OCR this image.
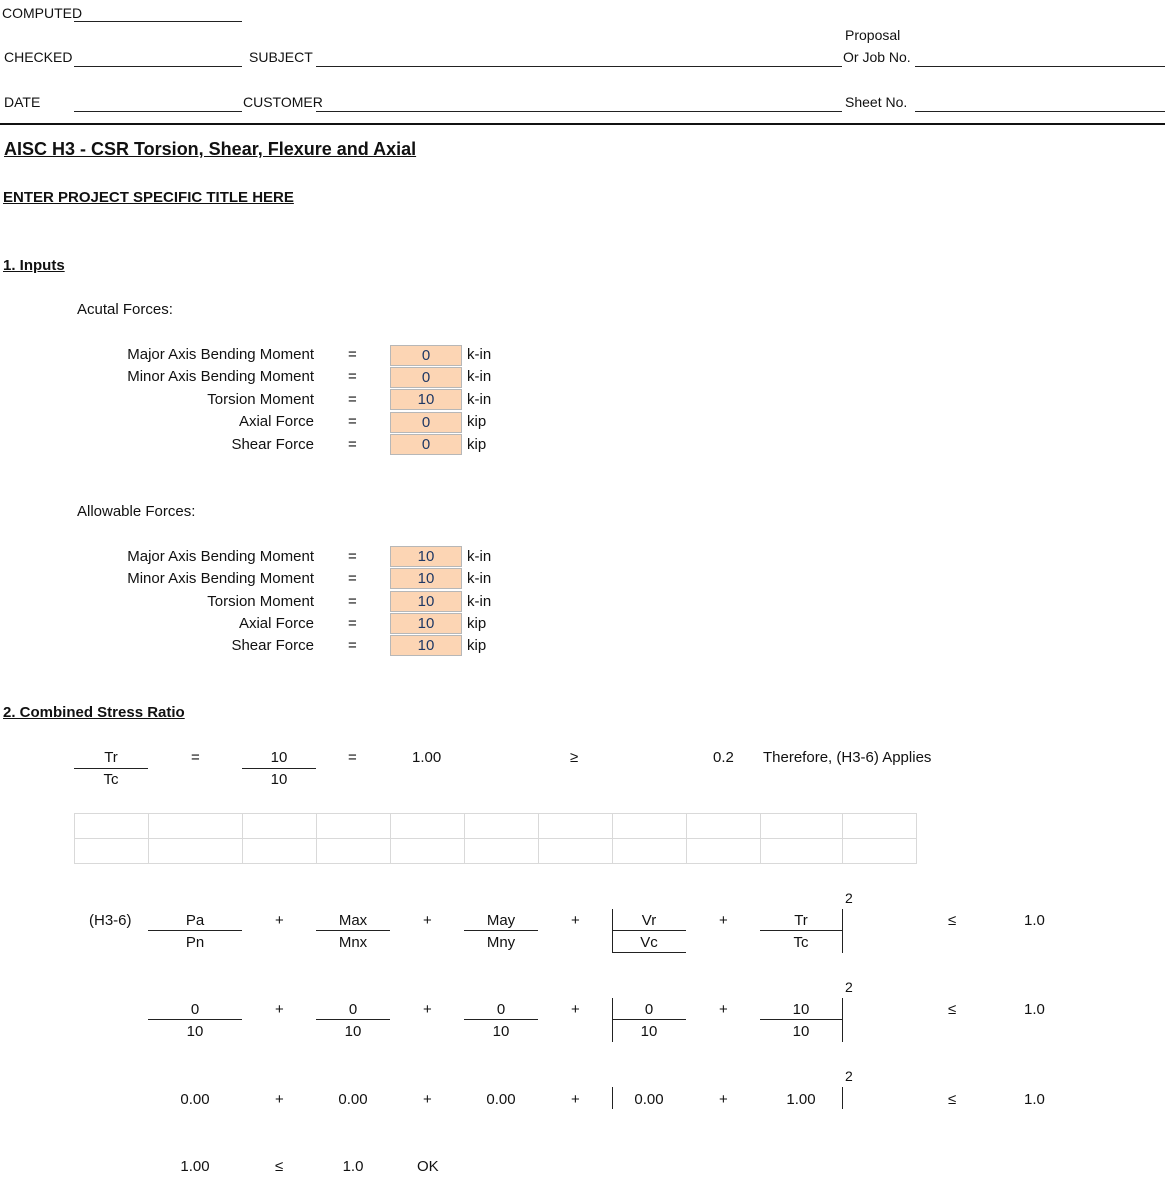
COMPUTED
CHECKED	SUBJECT
Proposal
Or Job No.
DATE	CUSTOMER	Sheet No.
AISC H3 - CSR Torsion, Shear, Flexure and Axial
ENTER PROJECT SPECIFIC TITLE HERE
1. Inputs
Acutal Forces:
Major Axis Bending Moment =	0	k-in
Minor Axis Bending Moment =	0	k-in
Torsion Moment =	10	k-in
Axial Force =	0	kip
Shear Force =	0	kip
Allowable Forces:
Major Axis Bending Moment =	10	k-in
Minor Axis Bending Moment =	10	k-in
Torsion Moment =	10	k-in
Axial Force =	10	kip
Shear Force =	10	kip
2. Combined Stress Ratio
Tr
Tc
=	10
10
=	1.00	≥	0.2 Therefore, (H3-6) Applies
(H3-6)	Pa
Pn
+	Max
Mnx
+	May
Mny
+	Vr
Vc
+	Tr
Tc
2
≤	1.0
0
10
+	0
10
+	0
10
+	0
10
+	10
10
2
≤	1.0
0.00	+	0.00	+	0.00	+	0.00	+	1.00
2
≤	1.0
1.00	≤	1.0	OK
